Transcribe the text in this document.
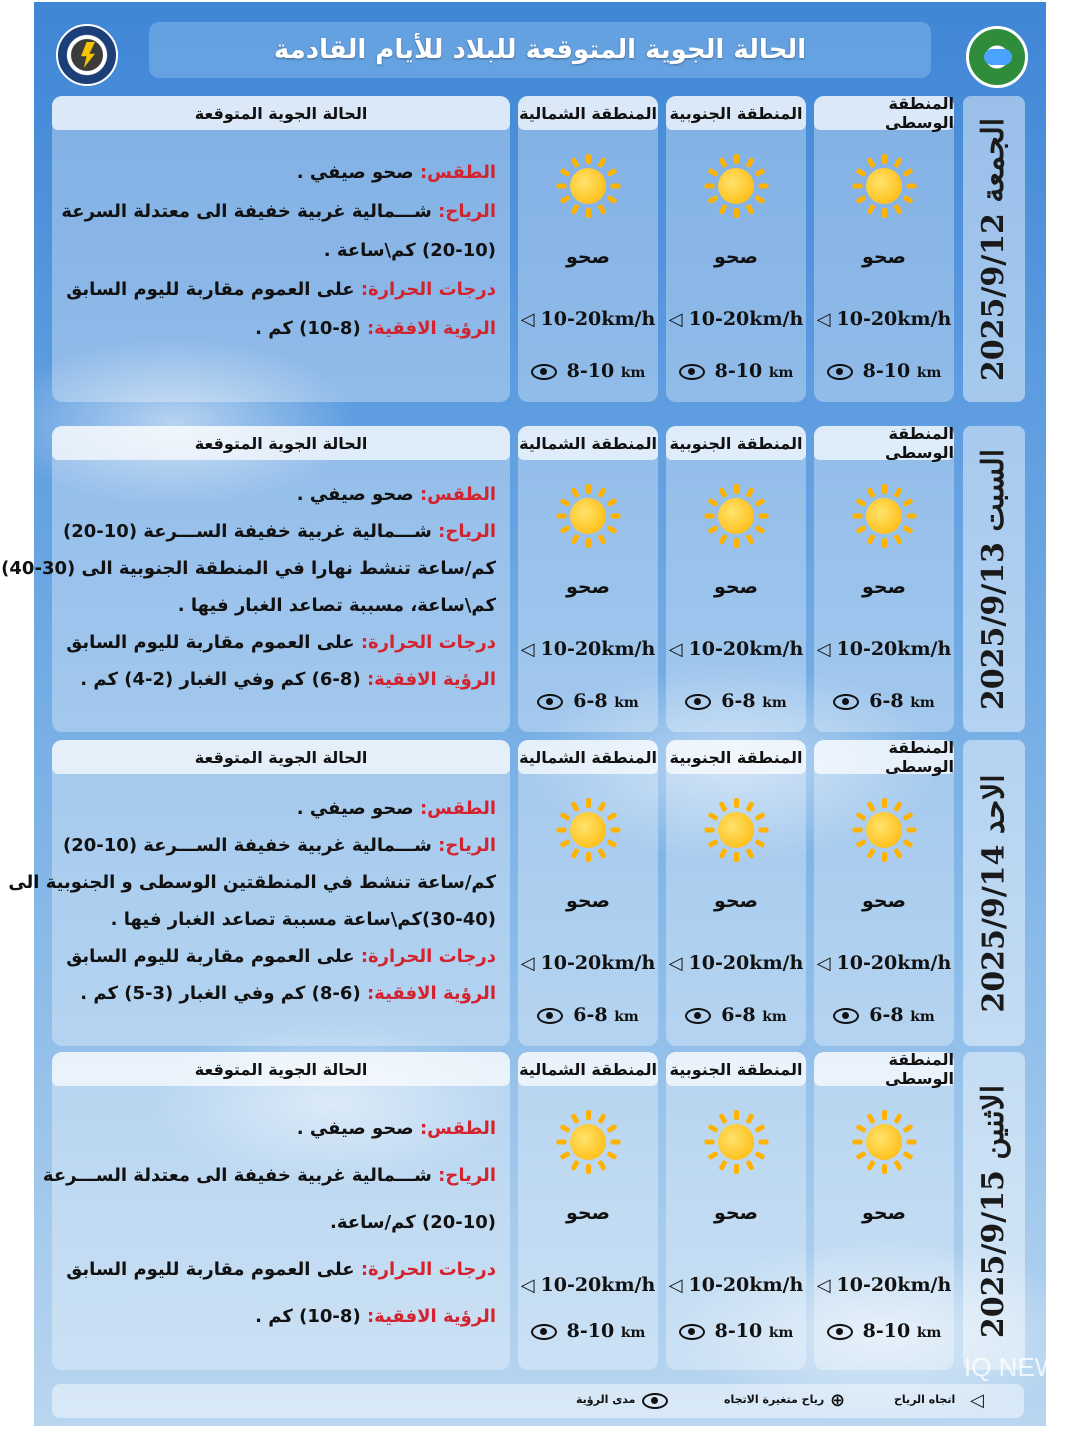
الحالة الجوية المتوقعة للبلاد للأيام القادمة
الجمعة 2025/9/12
المنطقة الوسطى
صحو
◁ 10-20km/h
8-10 km
المنطقة الجنوبية
صحو
◁ 10-20km/h
8-10 km
المنطقة الشمالية
صحو
◁ 10-20km/h
8-10 km
الحالة الجوية المتوقعة
الطقس: صحو صيفي .
الرياح: شـــمالية غربية خفيفة الى معتدلة السرعة
(20-10) كم\ساعة .
درجات الحرارة: على العموم مقاربة لليوم السابق
الرؤية الافقية: (8-10) كم .
السبت 2025/9/13
المنطقة الوسطى
صحو
◁ 10-20km/h
6-8 km
المنطقة الجنوبية
صحو
◁ 10-20km/h
6-8 km
المنطقة الشمالية
صحو
◁ 10-20km/h
6-8 km
الحالة الجوية المتوقعة
الطقس: صحو صيفي .
الرياح: شـــمالية غربية خفيفة الســـرعة (10-20)
كم/ساعة تنشط نهارا في المنطقة الجنوبية الى (30-40)
كم\ساعة، مسببة تصاعد الغبار فيها .
درجات الحرارة: على العموم مقاربة لليوم السابق
الرؤية الافقية: (8-6) كم وفي الغبار (2-4) كم .
الاحد 2025/9/14
المنطقة الوسطى
صحو
◁ 10-20km/h
6-8 km
المنطقة الجنوبية
صحو
◁ 10-20km/h
6-8 km
المنطقة الشمالية
صحو
◁ 10-20km/h
6-8 km
الحالة الجوية المتوقعة
الطقس: صحو صيفي .
الرياح: شـــمالية غربية خفيفة الســـرعة (10-20)
كم/ساعة تنشط في المنطقتين الوسطى و الجنوبية الى
(30-40)كم\ساعة مسببة تصاعد الغبار فيها .
درجات الحرارة: على العموم مقاربة لليوم السابق
الرؤية الافقية: (6-8) كم وفي الغبار (3-5) كم .
الاثنين 2025/9/15
المنطقة الوسطى
صحو
◁ 10-20km/h
8-10 km
المنطقة الجنوبية
صحو
◁ 10-20km/h
8-10 km
المنطقة الشمالية
صحو
◁ 10-20km/h
8-10 km
الحالة الجوية المتوقعة
الطقس: صحو صيفي .
الرياح: شـــمالية غربية خفيفة الى معتدلة الســـرعة
(20-10) كم/ساعة.
درجات الحرارة: على العموم مقاربة لليوم السابق
الرؤية الافقية: (8-10) كم .
مدى الرؤية	⊕
رياح متغيرة الاتجاه	◁
اتجاه الرياح
IQ NEWS
